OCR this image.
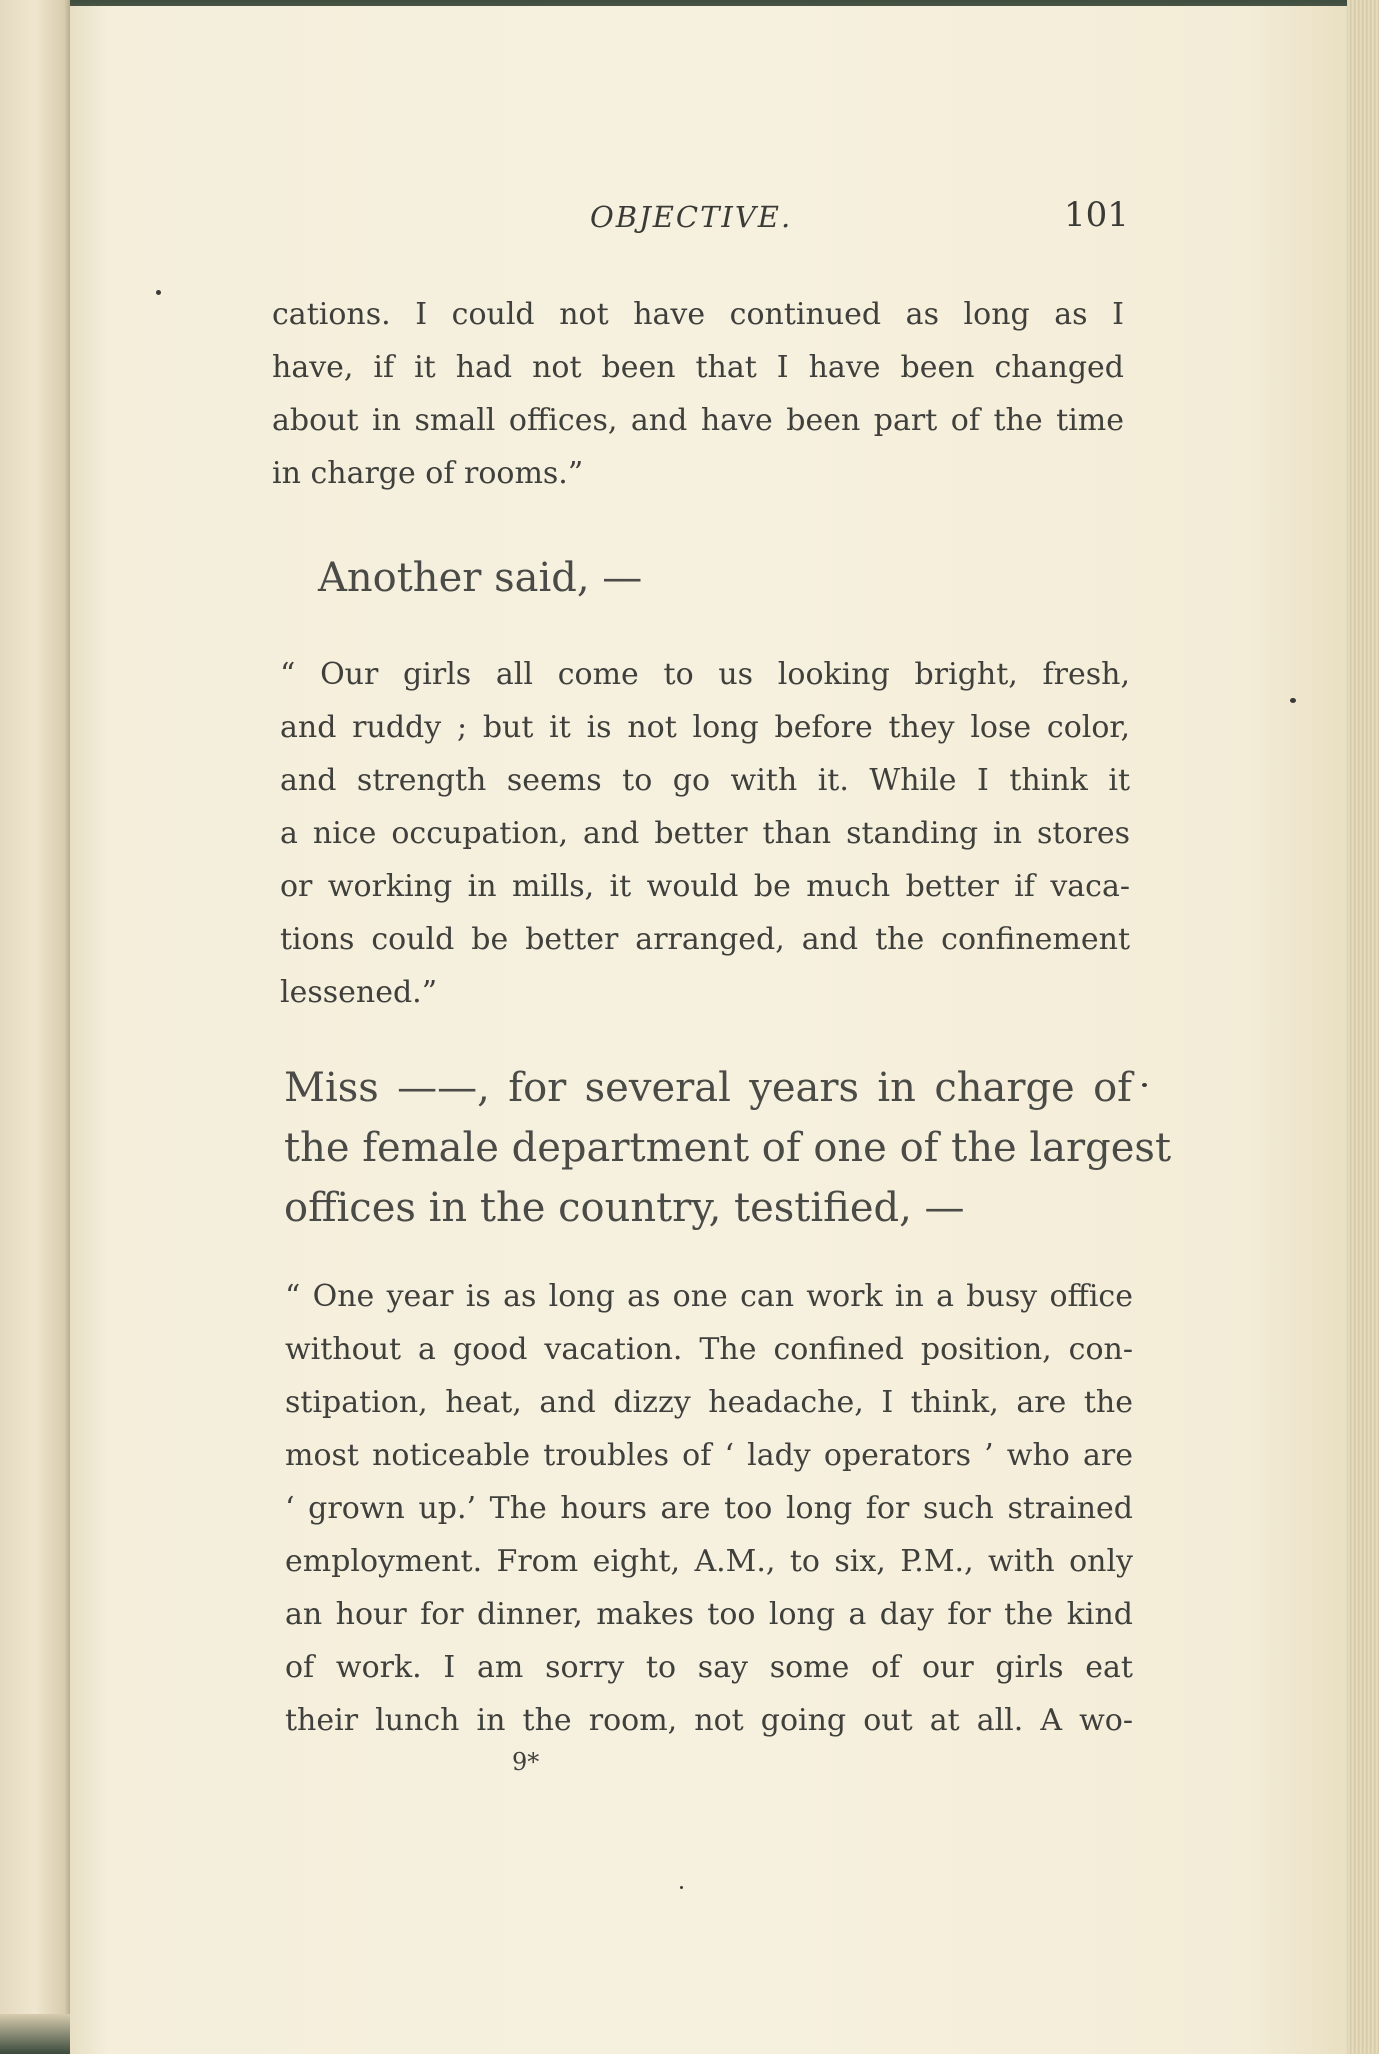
OBJECTIVE.	101
cations. I could not have continued as long as I
have, if it had not been that I have been changed
about in small offices, and have been part of the time
in charge of rooms.”
Another said, —
“ Our girls all come to us looking bright, fresh,
and ruddy ; but it is not long before they lose color,
and strength seems to go with it. While I think it
a nice occupation, and better than standing in stores
or working in mills, it would be much better if vaca-
tions could be better arranged, and the confinement
lessened.”
Miss ——, for several years in charge of
the female department of one of the largest
offices in the country, testified, —
“ One year is as long as one can work in a busy office
without a good vacation. The confined position, con-
stipation, heat, and dizzy headache, I think, are the
most noticeable troubles of ‘ lady operators ’ who are
‘ grown up.’ The hours are too long for such strained
employment. From eight, A.M., to six, P.M., with only
an hour for dinner, makes too long a day for the kind
of work. I am sorry to say some of our girls eat
their lunch in the room, not going out at all. A wo-
9*
